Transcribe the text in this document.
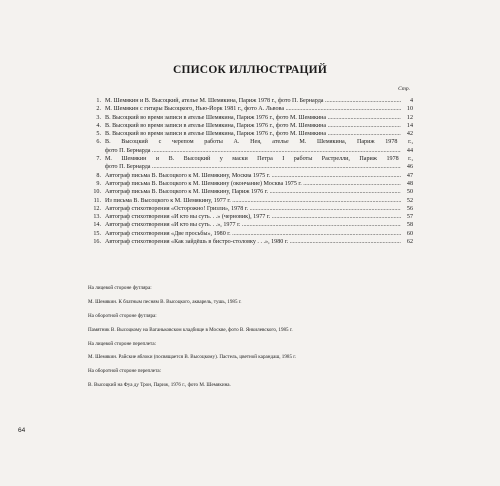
СПИСОК ИЛЛЮСТРАЦИЙ
Стр.
1. М. Шемякин и В. Высоцкий, ателье М. Шемякина, Париж 1978 г., фото П. Бернарда .....	4
2. М. Шемякин с гитары Высоцкого, Нью-Йорк 1981 г., фото А. Львова .....	10
3. В. Высоцкий во время записи в ателье Шемякина, Париж 1976 г., фото М. Шемякина .....	12
4. В. Высоцкий во время записи в ателье Шемякина, Париж 1976 г., фото М. Шемякина .....	14
5. В. Высоцкий во время записи в ателье Шемякина, Париж 1976 г., фото М. Шемякина .....	42
6. В. Высоцкий с черепом работы А. Нея, ателье М. Шемякина, Париж 1978 г.,
фото П. Бернарда .....	44
7. М. Шемякин и В. Высоцкий у маски Петра I работы Растрелли, Париж 1978 г.,
фото П. Бернарда .....	46
8. Автограф письма В. Высоцкого к М. Шемякину, Москва 1975 г. .....	47
9. Автограф письма В. Высоцкого к М. Шемякину (окончание) Москва 1975 г. .....	48
10. Автограф письма В. Высоцкого к М. Шемякину, Париж 1976 г. .....	50
11. Из письма В. Высоцкого к М. Шемякину, 1977 г. .....	52
12. Автограф стихотворения «Осторожно! Гризли», 1978 г. .....	56
13. Автограф стихотворения «И кто вы суть. . .» (черновик), 1977 г. .....	57
14. Автограф стихотворения «И кто вы суть. . .», 1977 г. .....	58
15. Автограф стихотворения «Две просьбы», 1980 г. .....	60
16. Автограф стихотворения «Как зайдёшь в бистро-столовку . . .», 1980 г. .....	62

На лицевой стороне футляра:

М. Шемякин. К блатным песням В. Высоцкого, акварель, тушь, 1985 г.

На оборотной стороне футляра:

Памятник В. Высоцкому на Ваганьковском кладбище в Москве, фото В. Янкилевского, 1985 г.

На лицевой стороне переплета:

М. Шемякин. Райские яблоки (посвящается В. Высоцкому). Пастель, цветной карандаш, 1985 г.

На оборотной стороне переплета:

В. Высоцкий на Фуа ду Трон, Париж, 1976 г., фото М. Шемякина.

64
